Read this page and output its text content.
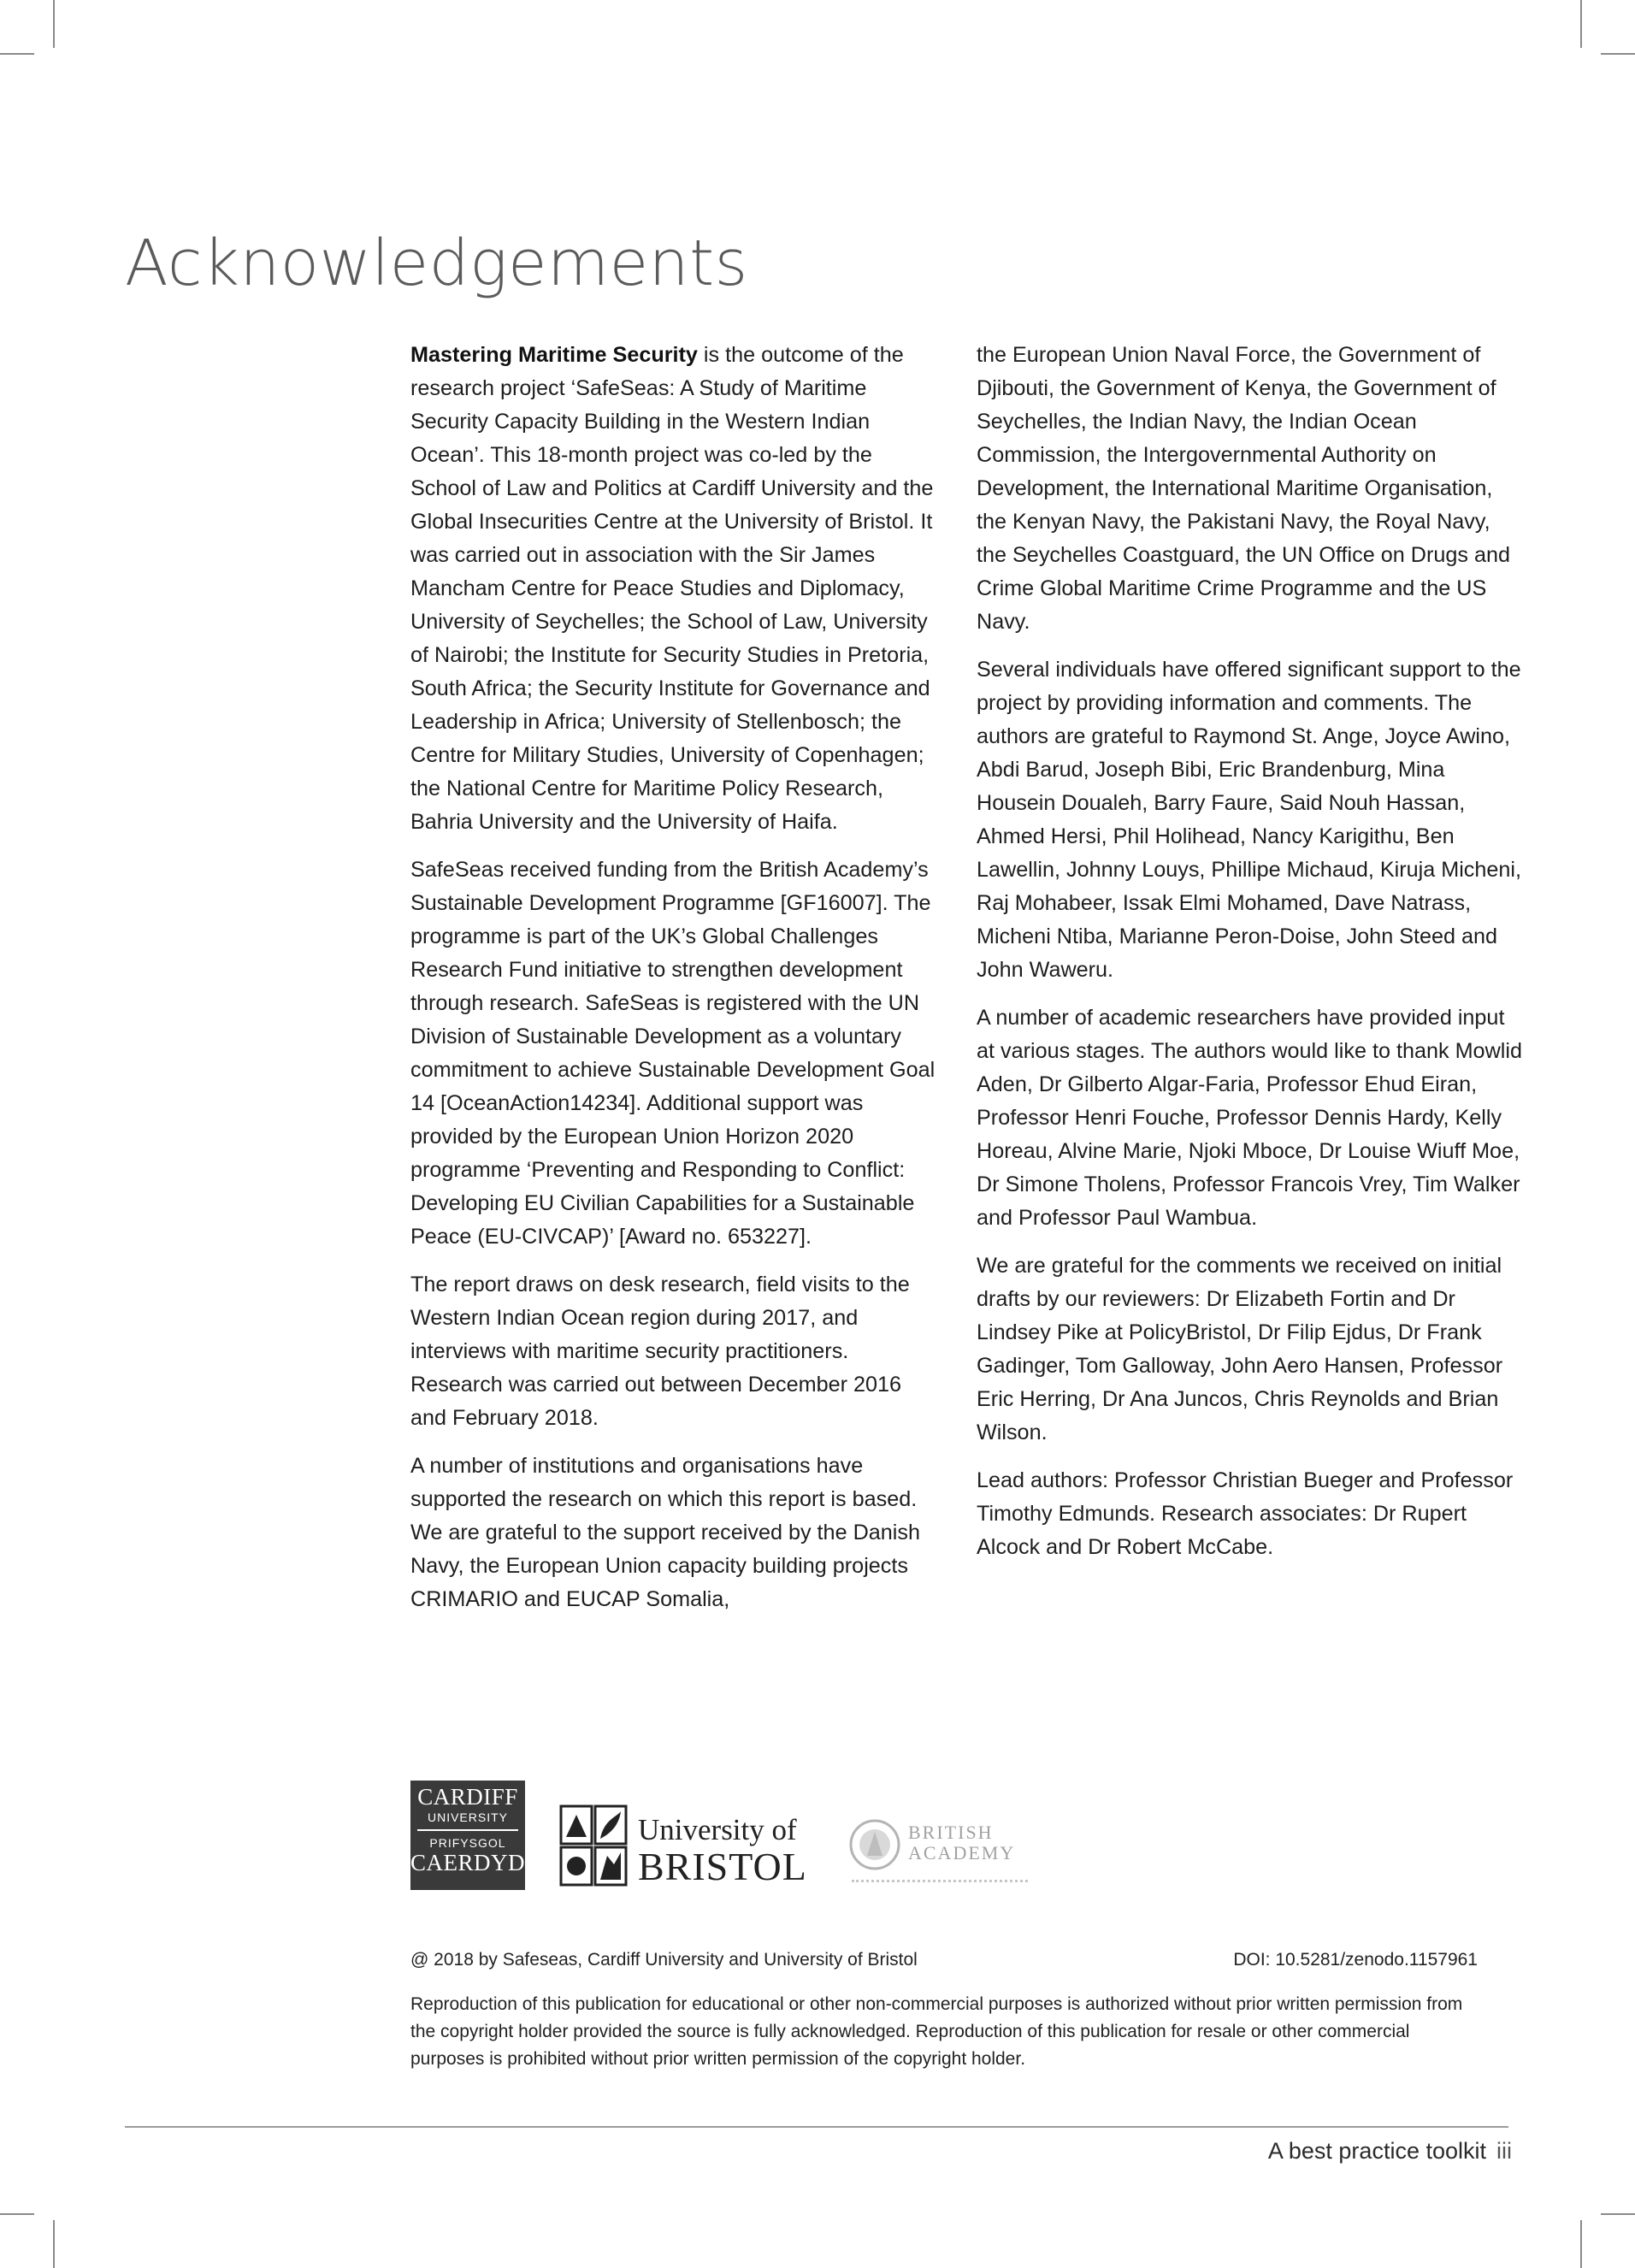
Acknowledgements

Mastering Maritime Security is the outcome of the research project ‘SafeSeas: A Study of Maritime Security Capacity Building in the Western Indian Ocean’. This 18-month project was co-led by the School of Law and Politics at Cardiff University and the Global Insecurities Centre at the University of Bristol. It was carried out in association with the Sir James Mancham Centre for Peace Studies and Diplomacy, University of Seychelles; the School of Law, University of Nairobi; the Institute for Security Studies in Pretoria, South Africa; the Security Institute for Governance and Leadership in Africa; University of Stellenbosch; the Centre for Military Studies, University of Copenhagen; the National Centre for Maritime Policy Research, Bahria University and the University of Haifa.

SafeSeas received funding from the British Academy’s Sustainable Development Programme [GF16007]. The programme is part of the UK’s Global Challenges Research Fund initiative to strengthen development through research. SafeSeas is registered with the UN Division of Sustainable Development as a voluntary commitment to achieve Sustainable Development Goal 14 [OceanAction14234]. Additional support was provided by the European Union Horizon 2020 programme ‘Preventing and Responding to Conflict: Developing EU Civilian Capabilities for a Sustainable Peace (EU-CIVCAP)’ [Award no. 653227].

The report draws on desk research, field visits to the Western Indian Ocean region during 2017, and interviews with maritime security practitioners. Research was carried out between December 2016 and February 2018.

A number of institutions and organisations have supported the research on which this report is based. We are grateful to the support received by the Danish Navy, the European Union capacity building projects CRIMARIO and EUCAP Somalia,

the European Union Naval Force, the Government of Djibouti, the Government of Kenya, the Government of Seychelles, the Indian Navy, the Indian Ocean Commission, the Intergovernmental Authority on Development, the International Maritime Organisation, the Kenyan Navy, the Pakistani Navy, the Royal Navy, the Seychelles Coastguard, the UN Office on Drugs and Crime Global Maritime Crime Programme and the US Navy.

Several individuals have offered significant support to the project by providing information and comments. The authors are grateful to Raymond St. Ange, Joyce Awino, Abdi Barud, Joseph Bibi, Eric Brandenburg, Mina Housein Doualeh, Barry Faure, Said Nouh Hassan, Ahmed Hersi, Phil Holihead, Nancy Karigithu, Ben Lawellin, Johnny Louys, Phillipe Michaud, Kiruja Micheni, Raj Mohabeer, Issak Elmi Mohamed, Dave Natrass, Micheni Ntiba, Marianne Peron-Doise, John Steed and John Waweru.

A number of academic researchers have provided input at various stages. The authors would like to thank Mowlid Aden, Dr Gilberto Algar-Faria, Professor Ehud Eiran, Professor Henri Fouche, Professor Dennis Hardy, Kelly Horeau, Alvine Marie, Njoki Mboce, Dr Louise Wiuff Moe, Dr Simone Tholens, Professor Francois Vrey, Tim Walker and Professor Paul Wambua.

We are grateful for the comments we received on initial drafts by our reviewers: Dr Elizabeth Fortin and Dr Lindsey Pike at PolicyBristol, Dr Filip Ejdus, Dr Frank Gadinger, Tom Galloway, John Aero Hansen, Professor Eric Herring, Dr Ana Juncos, Chris Reynolds and Brian Wilson.

Lead authors: Professor Christian Bueger and Professor Timothy Edmunds. Research associates: Dr Rupert Alcock and Dr Robert McCabe.

CARDIFF
UNIVERSITY
PRIFYSGOL
CAERDYDD
University of
BRISTOL
BRITISH
ACADEMY
@ 2018 by Safeseas, Cardiff University and University of Bristol	DOI: 10.5281/zenodo.1157961
Reproduction of this publication for educational or other non-commercial purposes is authorized without prior written permission from the copyright holder provided the source is fully acknowledged. Reproduction of this publication for resale or other commercial purposes is prohibited without prior written permission of the copyright holder.
A best practice toolkit iii
